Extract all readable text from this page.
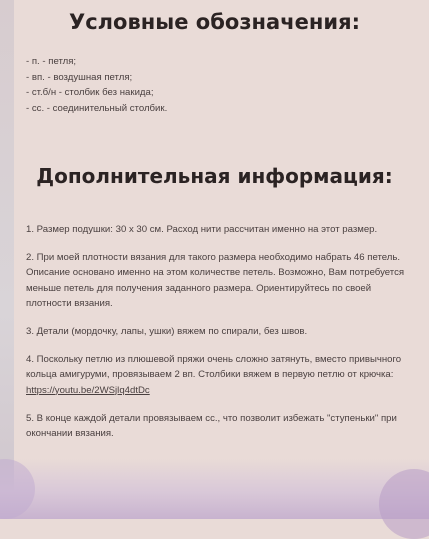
Условные обозначения:
- п. - петля;
- вп. - воздушная петля;
- ст.б/н - столбик без накида;
- сс. - соединительный столбик.
Дополнительная информация:

1. Размер подушки: 30 х 30 см. Расход нити рассчитан именно на этот размер.

2. При моей плотности вязания для такого размера необходимо набрать 46 петель. Описание основано именно на этом количестве петель. Возможно, Вам потребуется меньше петель для получения заданного размера. Ориентируйтесь по своей плотности вязания.

3. Детали (мордочку, лапы, ушки) вяжем по спирали, без швов.

4. Поскольку петлю из плюшевой пряжи очень сложно затянуть, вместо привычного кольца амигуруми, провязываем 2 вп. Столбики вяжем в первую петлю от крючка:
https://youtu.be/2WSjlq4dtDc

5. В конце каждой детали провязываем сс., что позволит избежать "ступеньки" при окончании вязания.
